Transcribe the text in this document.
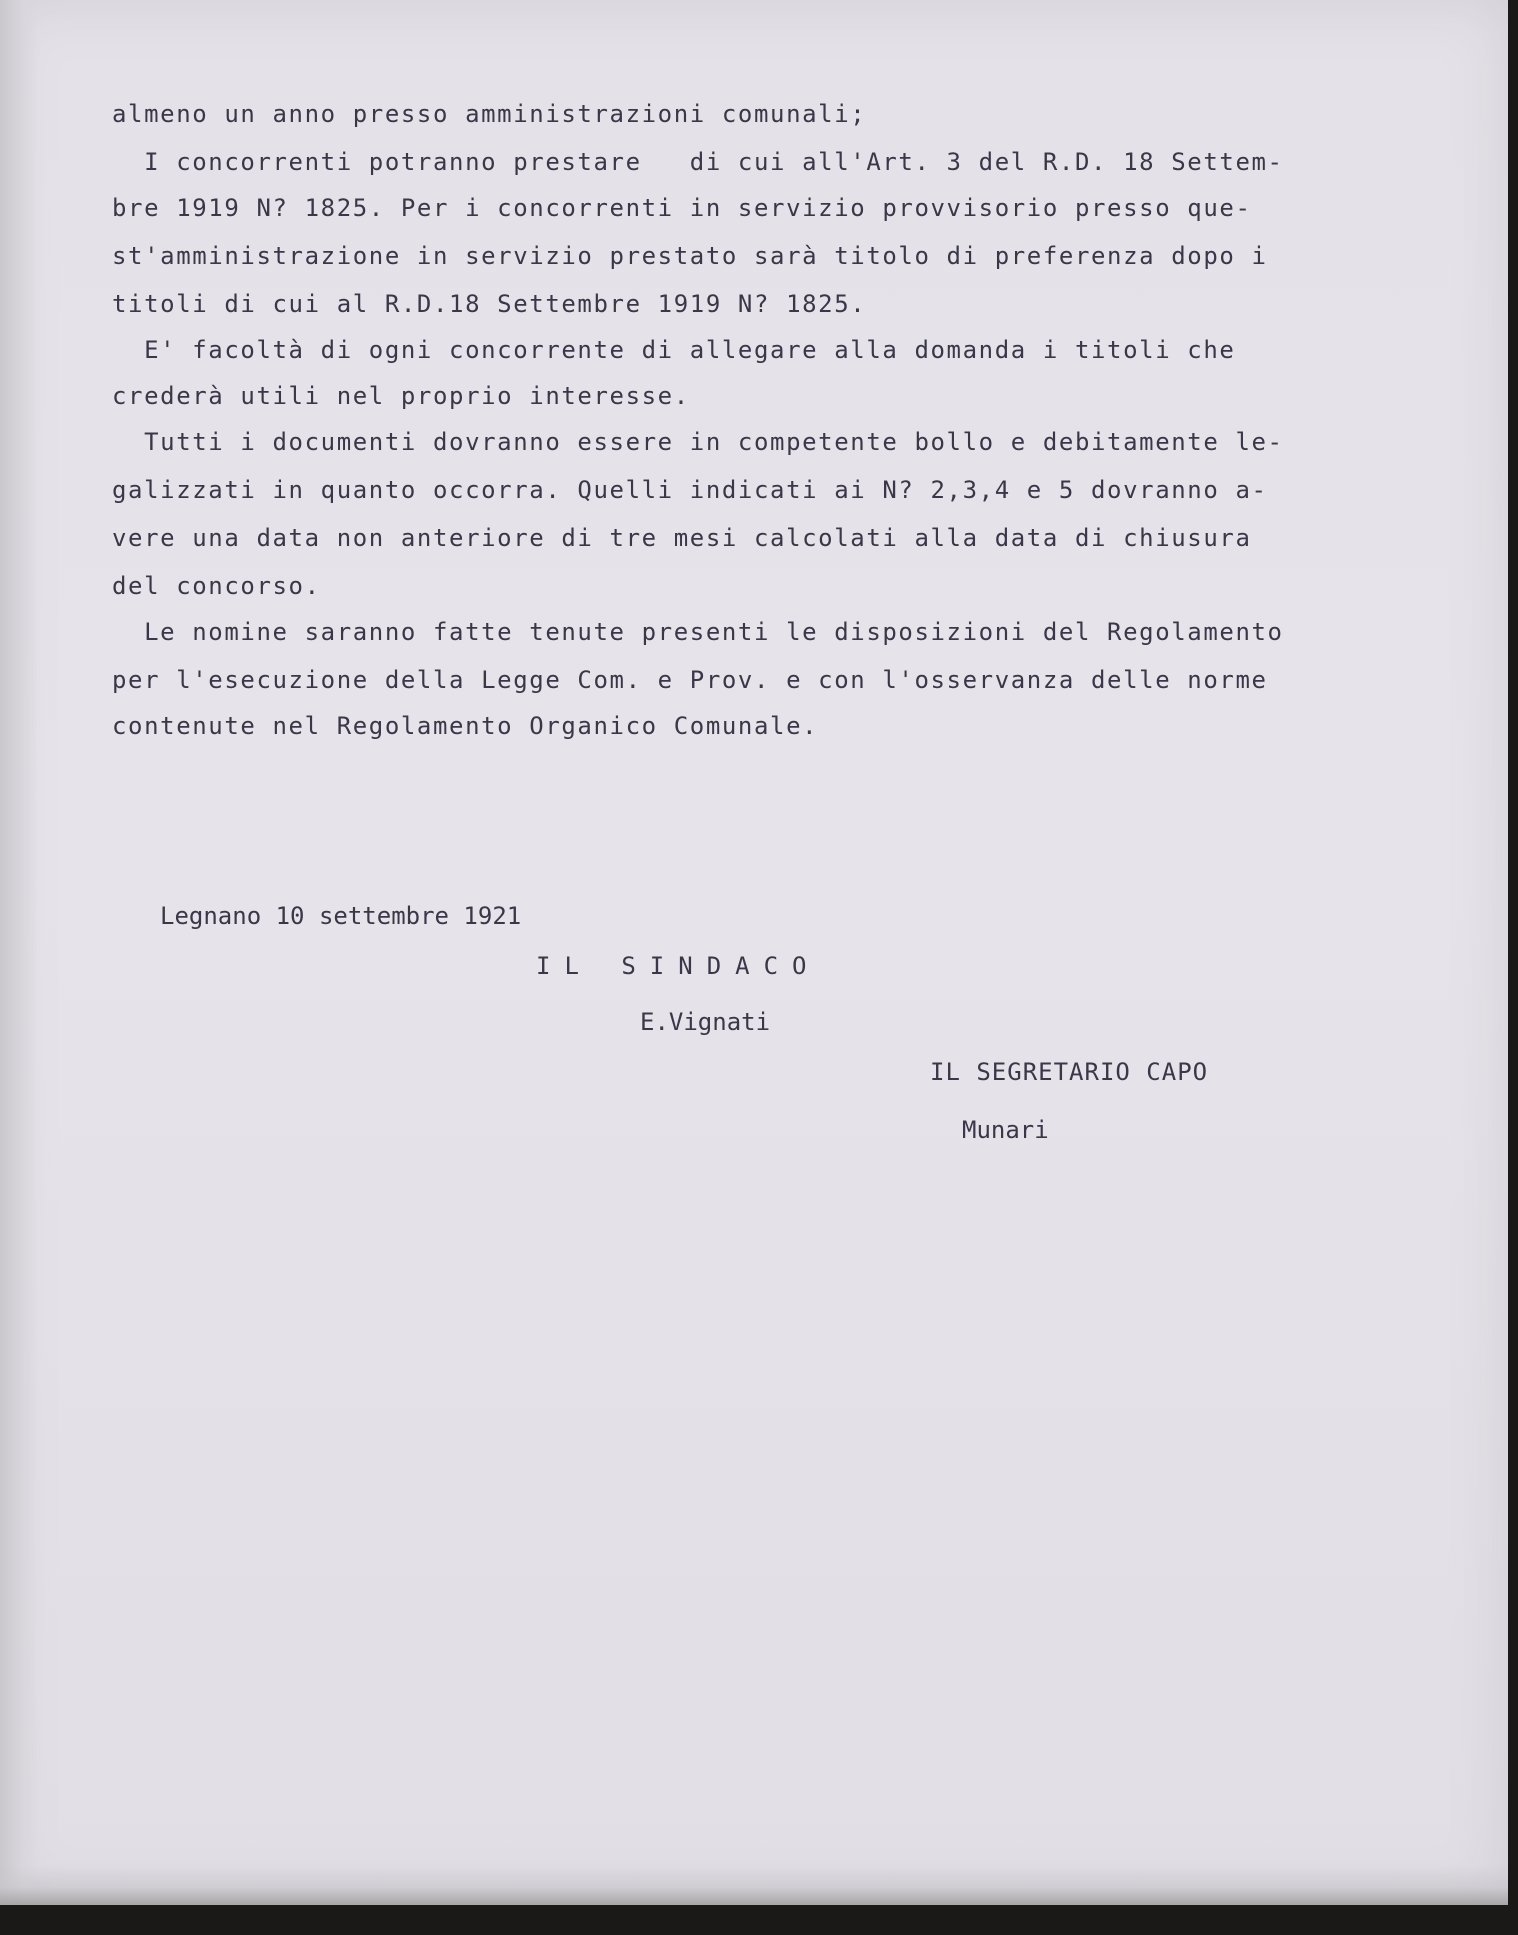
almeno un anno presso amministrazioni comunali;
I concorrenti potranno prestare   di cui all'Art. 3 del R.D. 18 Settem-
bre 1919 N? 1825. Per i concorrenti in servizio provvisorio presso que-
st'amministrazione in servizio prestato sarà titolo di preferenza dopo i
titoli di cui al R.D.18 Settembre 1919 N? 1825.
E' facoltà di ogni concorrente di allegare alla domanda i titoli che
crederà utili nel proprio interesse.
Tutti i documenti dovranno essere in competente bollo e debitamente le-
galizzati in quanto occorra. Quelli indicati ai N? 2,3,4 e 5 dovranno a-
vere una data non anteriore di tre mesi calcolati alla data di chiusura
del concorso.
Le nomine saranno fatte tenute presenti le disposizioni del Regolamento
per l'esecuzione della Legge Com. e Prov. e con l'osservanza delle norme
contenute nel Regolamento Organico Comunale.
Legnano 10 settembre 1921
IL SINDACO
E.Vignati
IL SEGRETARIO CAPO
Munari
